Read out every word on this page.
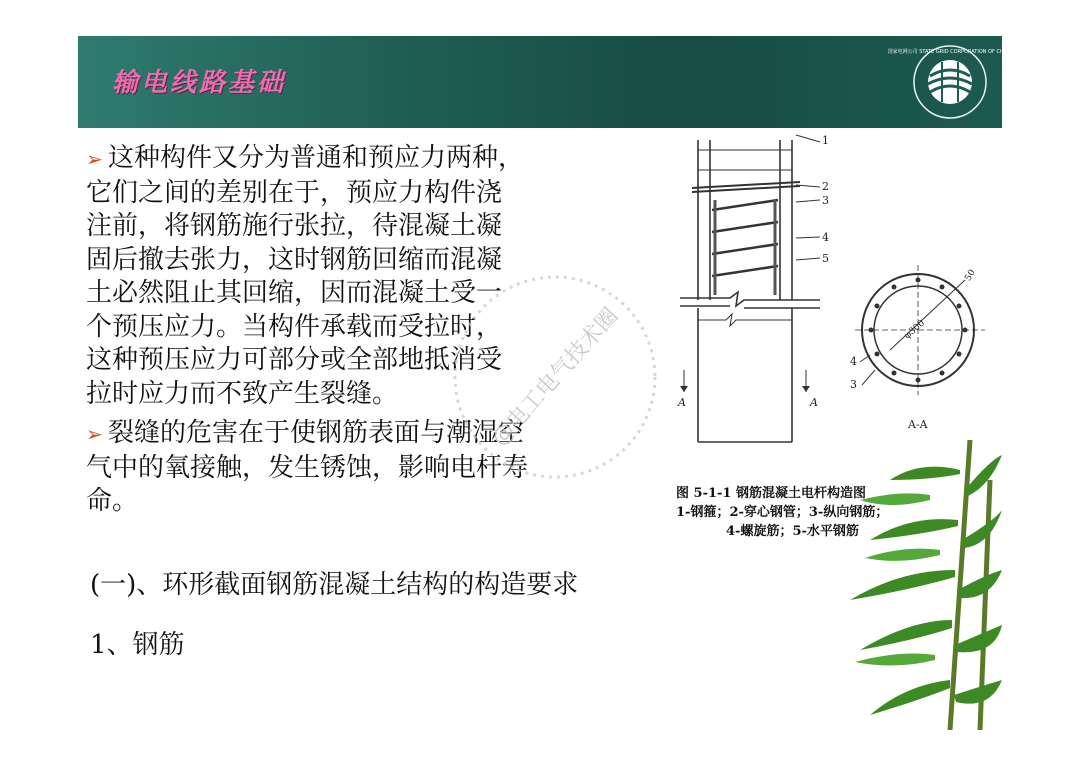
输电线路基础
国家电网公司 STATE GRID CORPORATION OF CHINA
➢ 这种构件又分为普通和预应力两种，
它们之间的差别在于，预应力构件浇
注前，将钢筋施行张拉，待混凝土凝
固后撤去张力，这时钢筋回缩而混凝
土必然阻止其回缩，因而混凝土受一
个预压应力。当构件承载而受拉时，
这种预压应力可部分或全部地抵消受
拉时应力而不致产生裂缝。
➢ 裂缝的危害在于使钢筋表面与潮湿空
气中的氧接触，发生锈蚀，影响电杆寿
命。
(一)、环形截面钢筋混凝土结构的构造要求
1、钢筋
@电工电气技术圈
1
2
3
4
5
4
3
50
φ300
A	A
A-A
图 5-1-1 钢筋混凝土电杆构造图
1-钢箍；2-穿心钢管；3-纵向钢筋；
4-螺旋筋；5-水平钢筋
